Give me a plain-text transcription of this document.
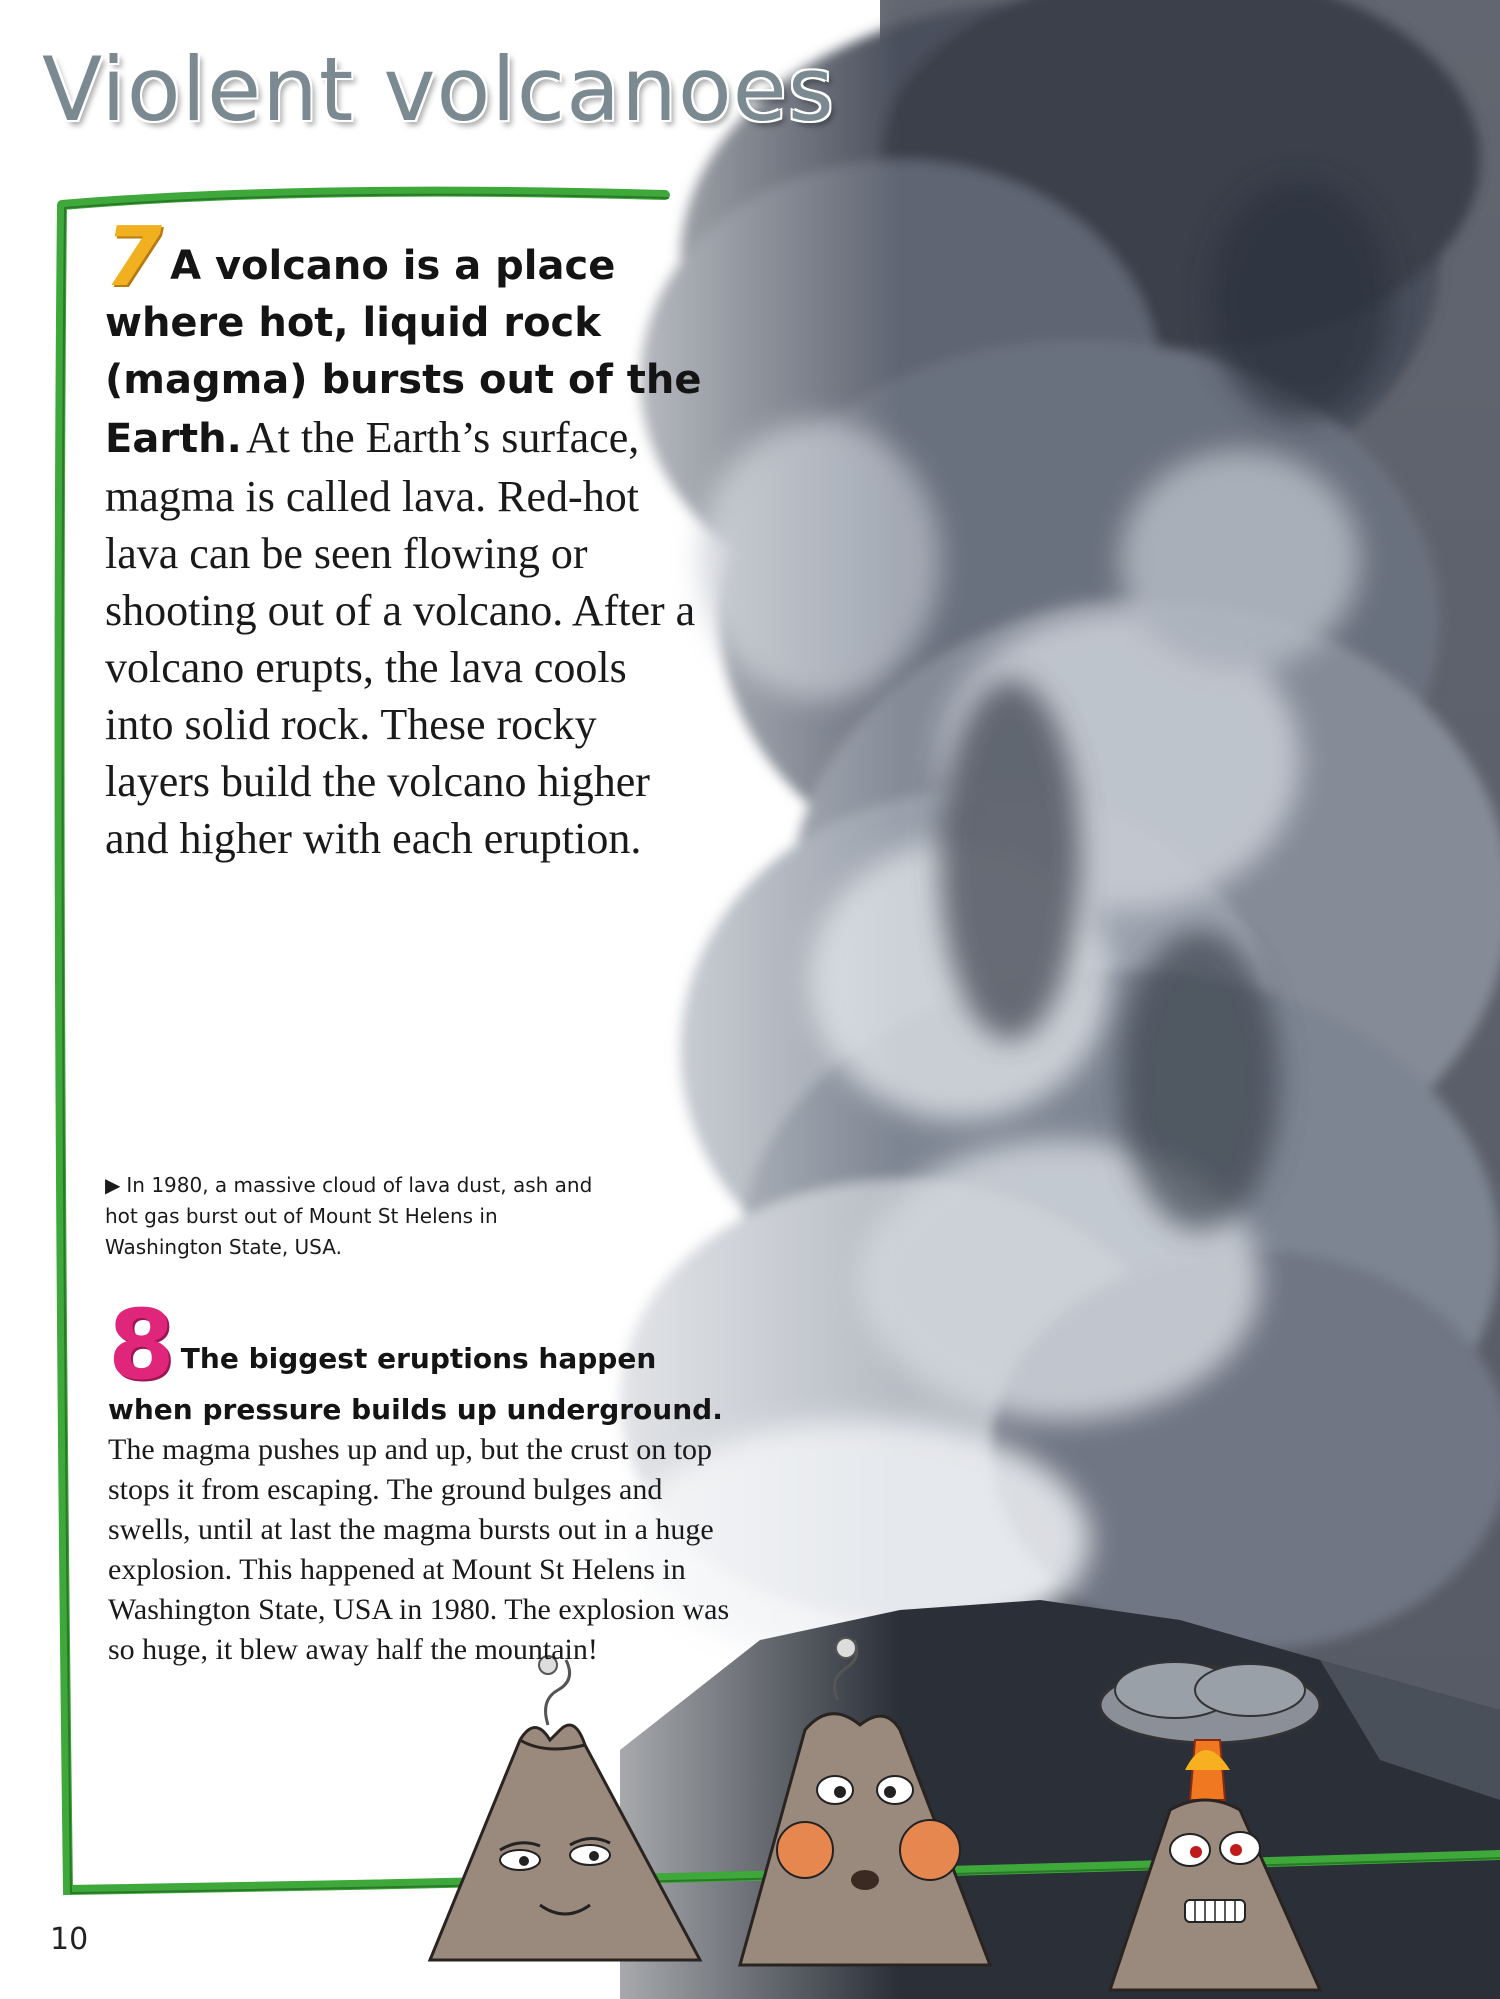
Violent volcanoes
7 A volcano is a place where hot, liquid rock (magma) bursts out of the Earth. At the Earth’s surface, magma is called lava. Red-hot lava can be seen flowing or shooting out of a volcano. After a volcano erupts, the lava cools into solid rock. These rocky layers build the volcano higher and higher with each eruption.
▶ In 1980, a massive cloud of lava dust, ash and hot gas burst out of Mount St Helens in Washington State, USA.
8 The biggest eruptions happen when pressure builds up underground. The magma pushes up and up, but the crust on top stops it from escaping. The ground bulges and swells, until at last the magma bursts out in a huge explosion. This happened at Mount St Helens in Washington State, USA in 1980. The explosion was so huge, it blew away half the mountain!
10
